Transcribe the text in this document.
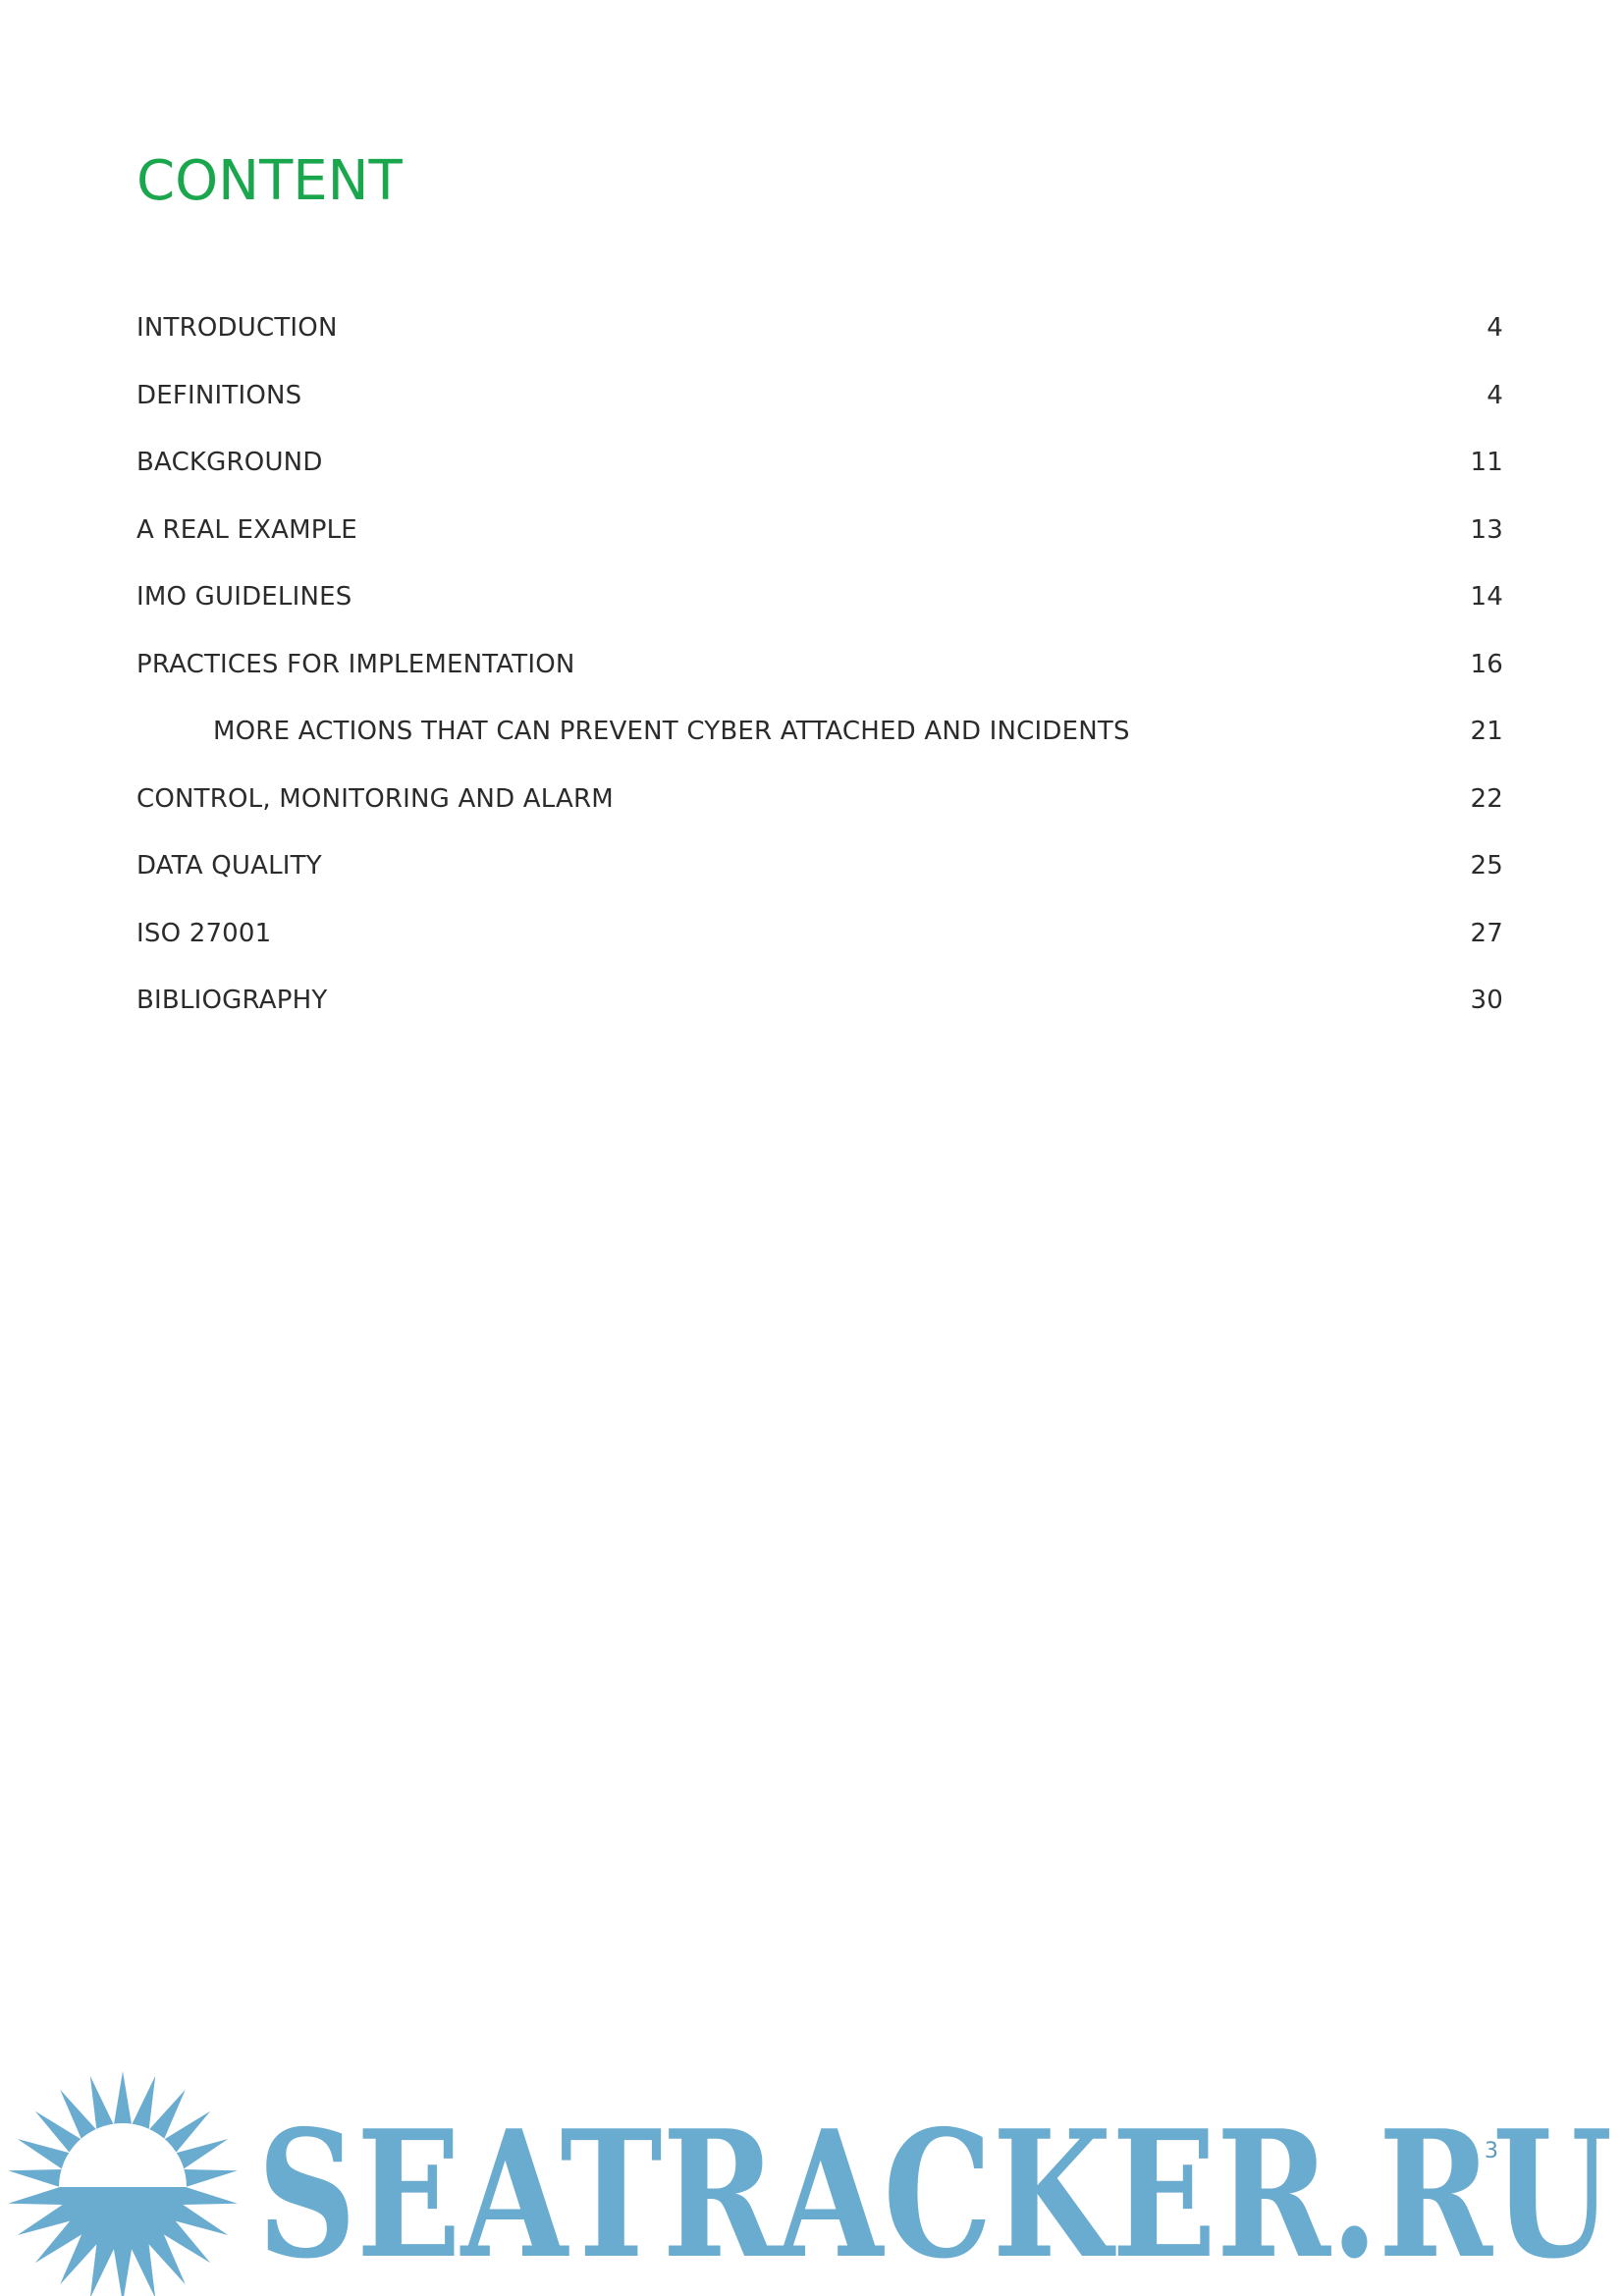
CONTENT
INTRODUCTION	4
DEFINITIONS	4
BACKGROUND	11
A REAL EXAMPLE	13
IMO GUIDELINES	14
PRACTICES FOR IMPLEMENTATION	16
MORE ACTIONS THAT CAN PREVENT CYBER ATTACHED AND INCIDENTS	21
CONTROL, MONITORING AND ALARM	22
DATA QUALITY	25
ISO 27001	27
BIBLIOGRAPHY	30
SEATRACKER.RU
3
